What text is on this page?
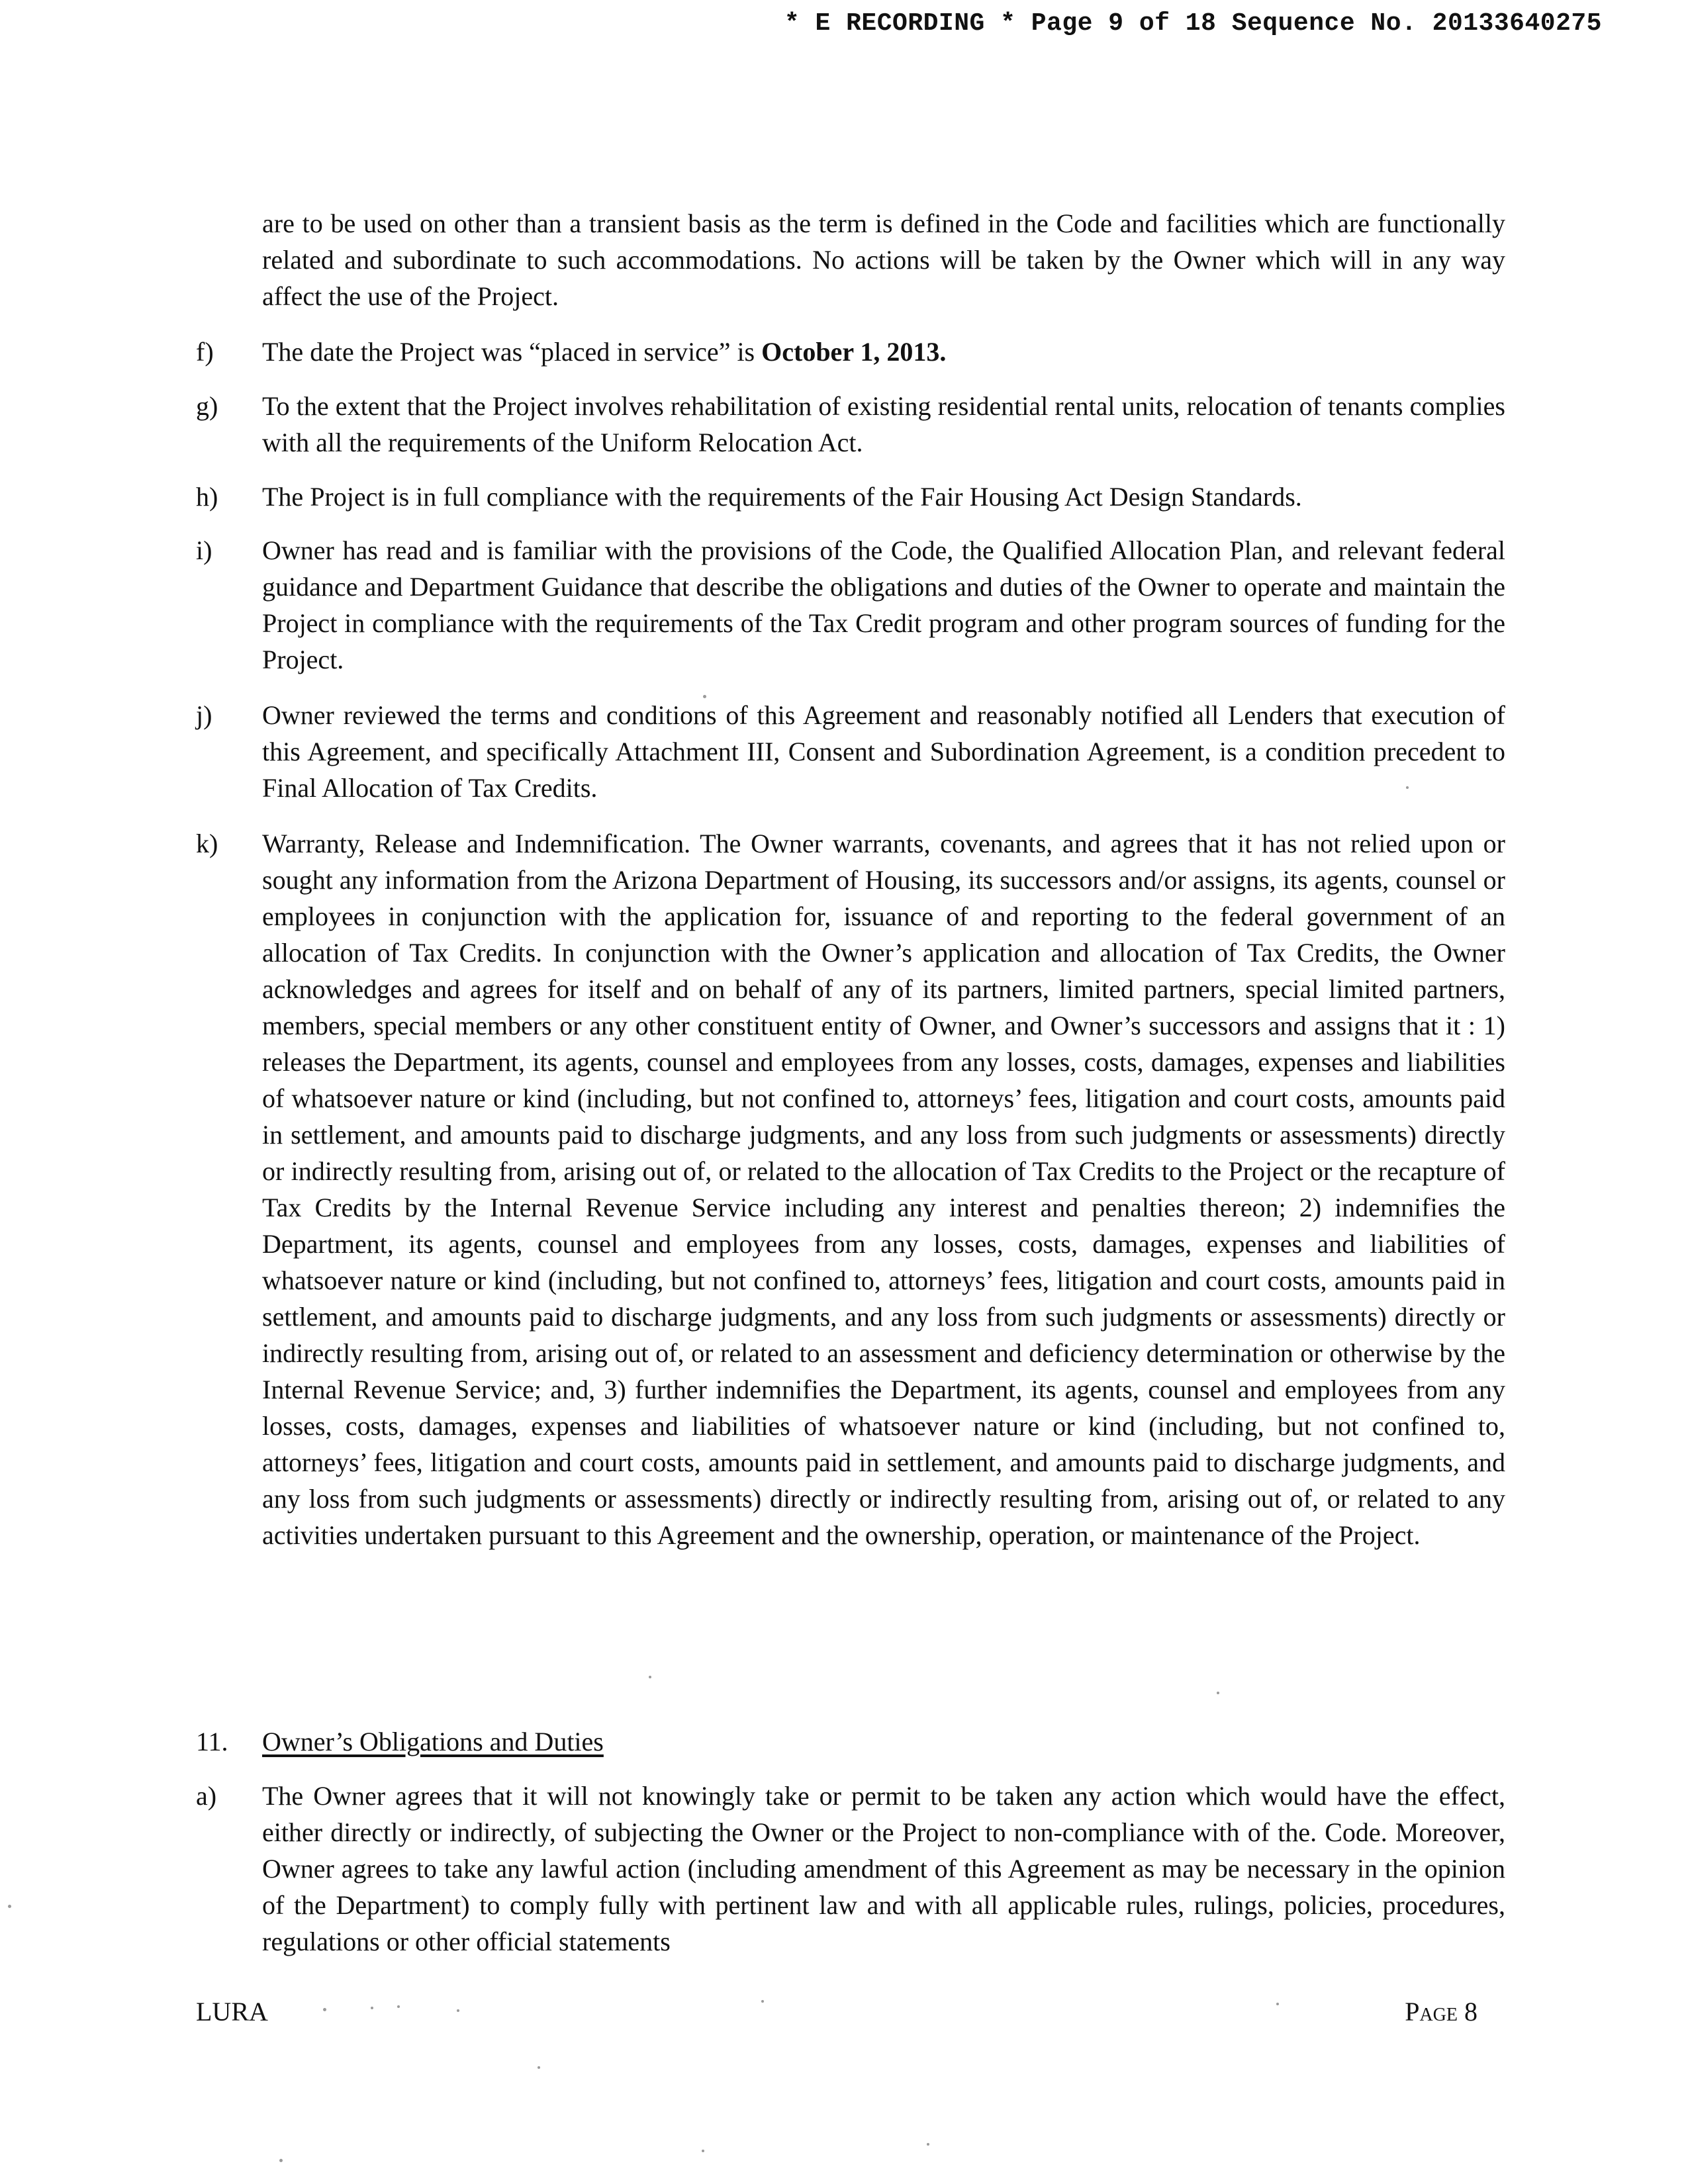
* E RECORDING * Page 9 of 18 Sequence No. 20133640275

are to be used on other than a transient basis as the term is defined in the Code and facilities which are functionally related and subordinate to such accommodations. No actions will be taken by the Owner which will in any way affect the use of the Project.

f)	The date the Project was “placed in service” is October 1, 2013.
g)	To the extent that the Project involves rehabilitation of existing residential rental units, relocation of tenants complies with all the requirements of the Uniform Relocation Act.
h)	The Project is in full compliance with the requirements of the Fair Housing Act Design Standards.
i)	Owner has read and is familiar with the provisions of the Code, the Qualified Allocation Plan, and relevant federal guidance and Department Guidance that describe the obligations and duties of the Owner to operate and maintain the Project in compliance with the requirements of the Tax Credit program and other program sources of funding for the Project.
j)	Owner reviewed the terms and conditions of this Agreement and reasonably notified all Lenders that execution of this Agreement, and specifically Attachment III, Consent and Subordination Agreement, is a condition precedent to Final Allocation of Tax Credits.
k)	Warranty, Release and Indemnification. The Owner warrants, covenants, and agrees that it has not relied upon or sought any information from the Arizona Department of Housing, its successors and/or assigns, its agents, counsel or employees in conjunction with the application for, issuance of and reporting to the federal government of an allocation of Tax Credits. In conjunction with the Owner’s application and allocation of Tax Credits, the Owner acknowledges and agrees for itself and on behalf of any of its partners, limited partners, special limited partners, members, special members or any other constituent entity of Owner, and Owner’s successors and assigns that it : 1) releases the Department, its agents, counsel and employees from any losses, costs, damages, expenses and liabilities of whatsoever nature or kind (including, but not confined to, attorneys’ fees, litigation and court costs, amounts paid in settlement, and amounts paid to discharge judgments, and any loss from such judgments or assessments) directly or indirectly resulting from, arising out of, or related to the allocation of Tax Credits to the Project or the recapture of Tax Credits by the Internal Revenue Service including any interest and penalties thereon; 2) indemnifies the Department, its agents, counsel and employees from any losses, costs, damages, expenses and liabilities of whatsoever nature or kind (including, but not confined to, attorneys’ fees, litigation and court costs, amounts paid in settlement, and amounts paid to discharge judgments, and any loss from such judgments or assessments) directly or indirectly resulting from, arising out of, or related to an assessment and deficiency determination or otherwise by the Internal Revenue Service; and, 3) further indemnifies the Department, its agents, counsel and employees from any losses, costs, damages, expenses and liabilities of whatsoever nature or kind (including, but not confined to, attorneys’ fees, litigation and court costs, amounts paid in settlement, and amounts paid to discharge judgments, and any loss from such judgments or assessments) directly or indirectly resulting from, arising out of, or related to any activities undertaken pursuant to this Agreement and the ownership, operation, or maintenance of the Project.
11.	Owner’s Obligations and Duties
a)	The Owner agrees that it will not knowingly take or permit to be taken any action which would have the effect, either directly or indirectly, of subjecting the Owner or the Project to non-compliance with of the. Code. Moreover, Owner agrees to take any lawful action (including amendment of this Agreement as may be necessary in the opinion of the Department) to comply fully with pertinent law and with all applicable rules, rulings, policies, procedures, regulations or other official statements
LURA	Page 8
